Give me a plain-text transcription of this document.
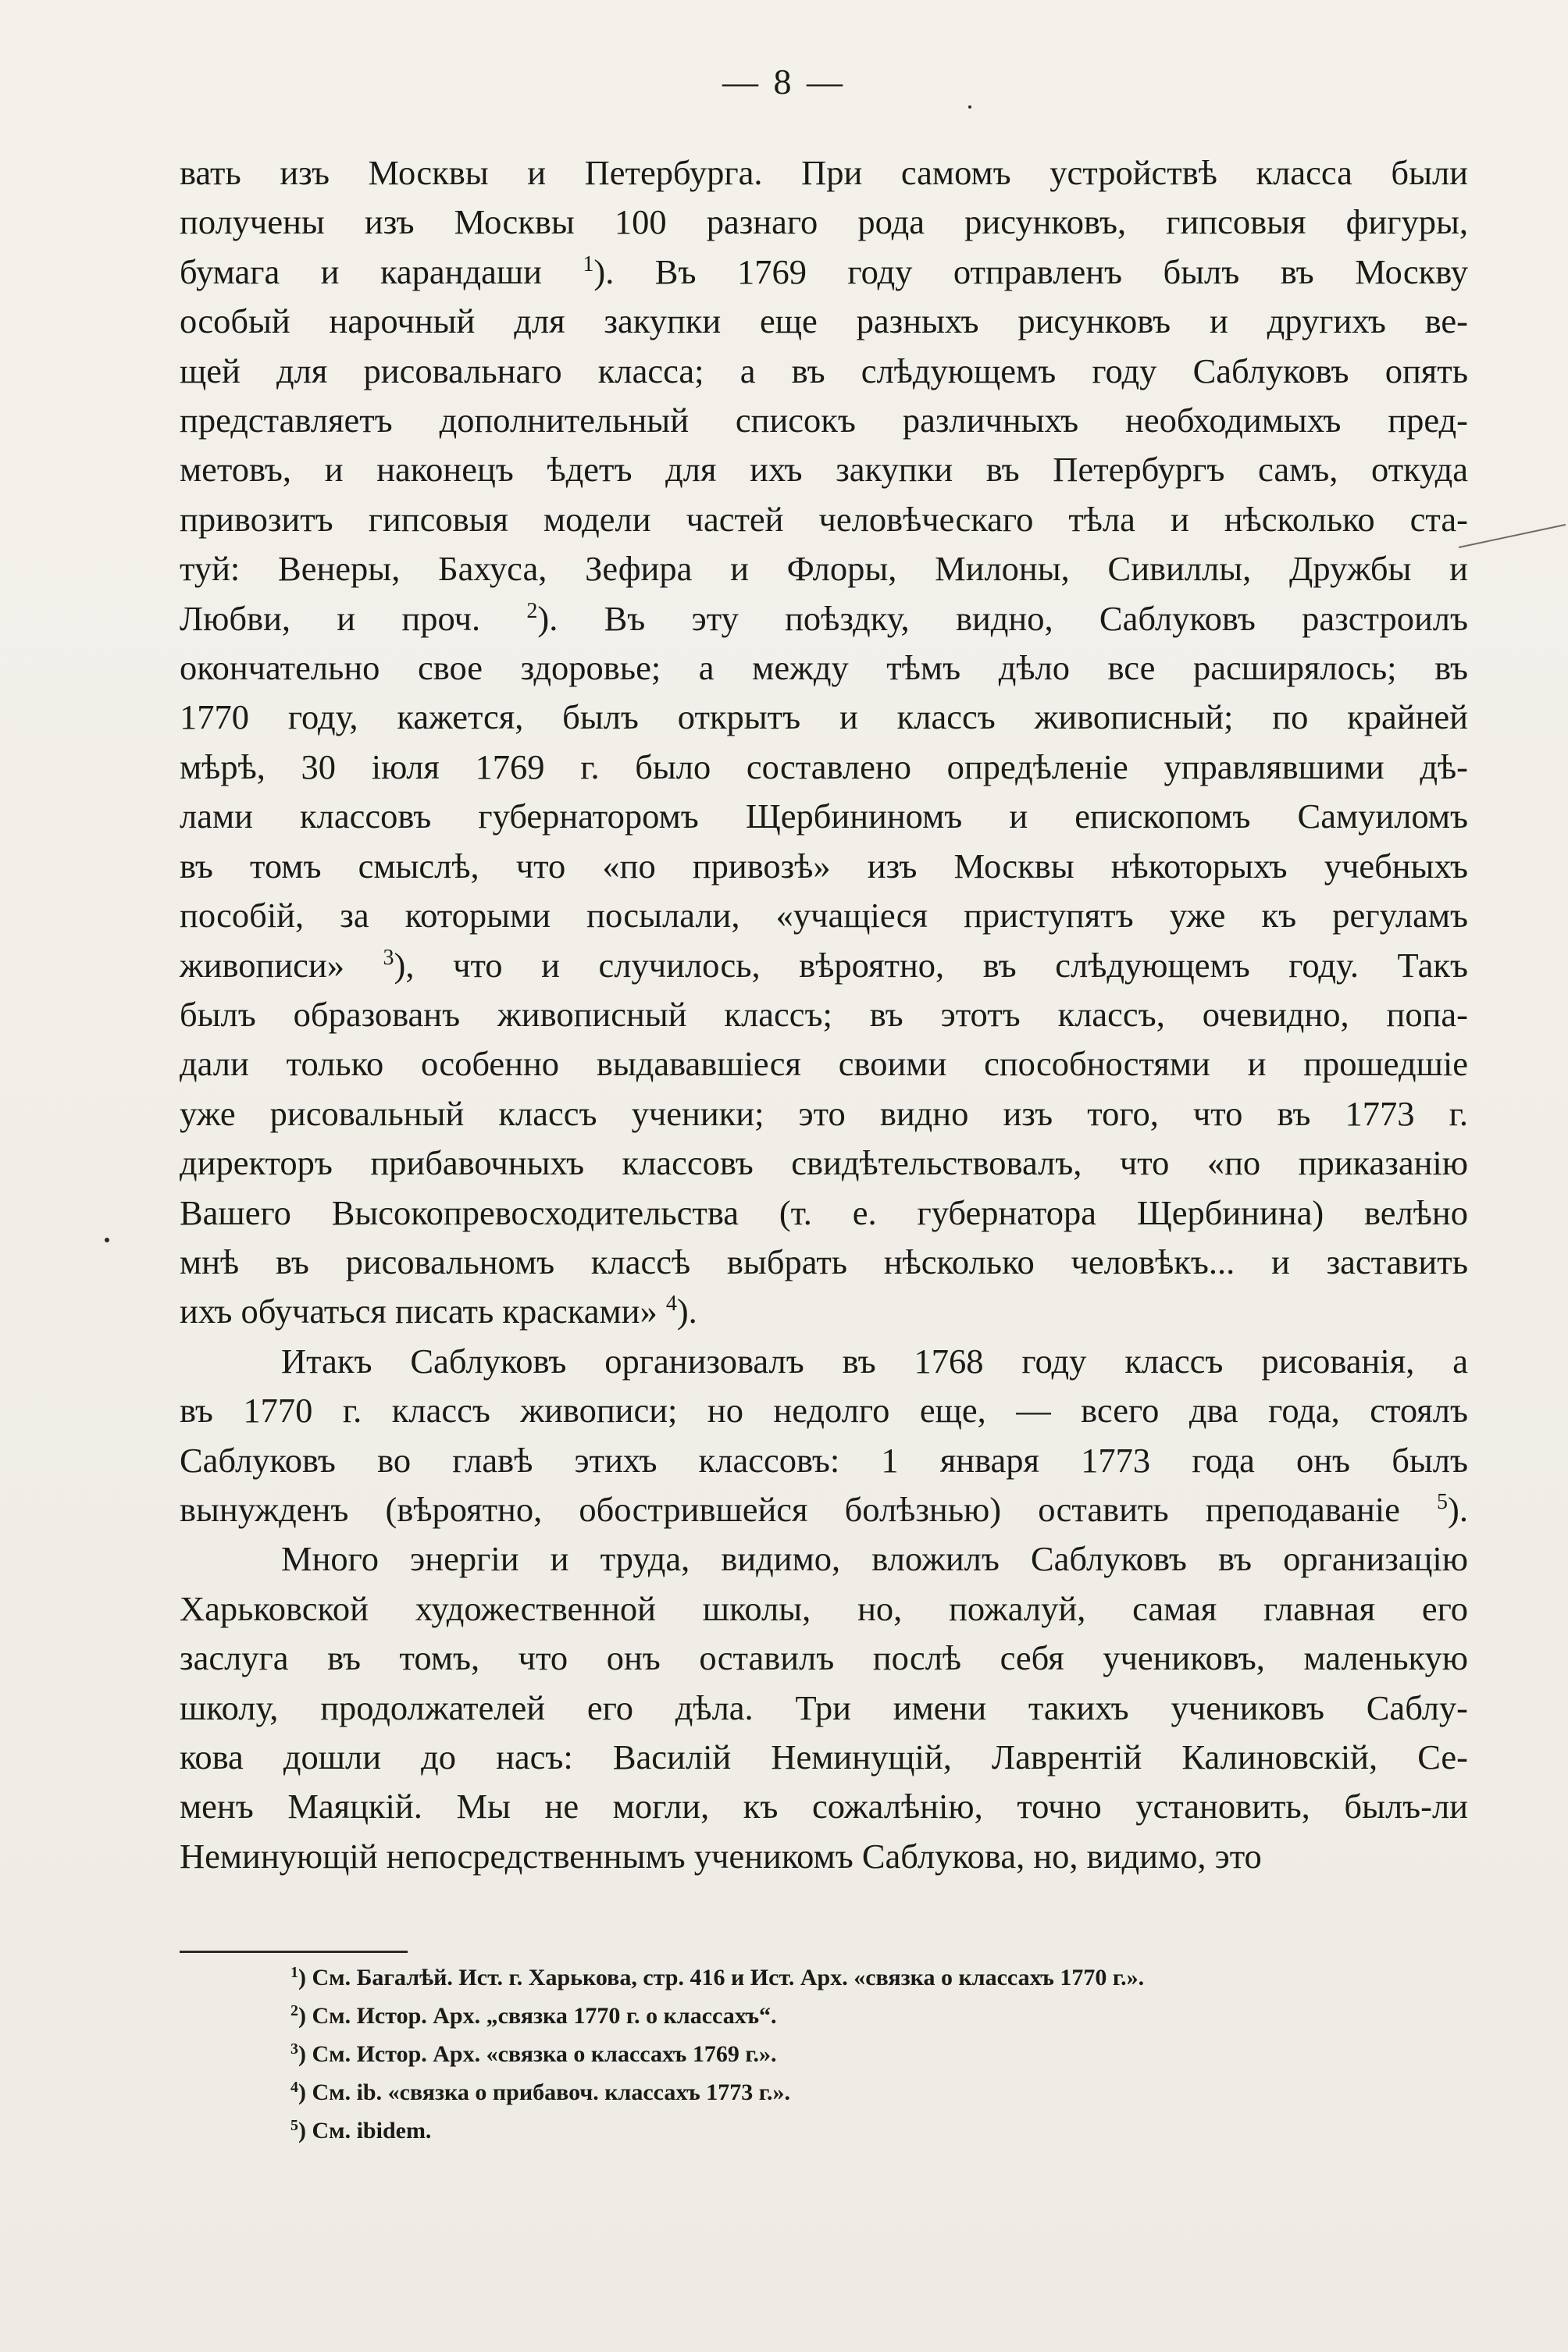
— 8 —
вать изъ Москвы и Петербурга. При самомъ устройствѣ класса были
получены изъ Москвы 100 разнаго рода рисунковъ, гипсовыя фигуры,
бумага и карандаши $^1$). Въ 1769 году отправленъ былъ въ Москву
особый нарочный для закупки еще разныхъ рисунковъ и другихъ ве-
щей для рисовальнаго класса; а въ слѣдующемъ году Саблуковъ опять
представляетъ дополнительный списокъ различныхъ необходимыхъ пред-
метовъ, и наконецъ ѣдетъ для ихъ закупки въ Петербургъ самъ, откуда
привозитъ гипсовыя модели частей человѣческаго тѣла и нѣсколько ста-
туй: Венеры, Бахуса, Зефира и Флоры, Милоны, Сивиллы, Дружбы и
Любви, и проч. $^2$). Въ эту поѣздку, видно, Саблуковъ разстроилъ
окончательно свое здоровье; а между тѣмъ дѣло все расширялось; въ
1770 году, кажется, былъ открытъ и классъ живописный; по крайней
мѣрѣ, 30 іюля 1769 г. было составлено опредѣленіе управлявшими дѣ-
лами классовъ губернаторомъ Щербининомъ и епископомъ Самуиломъ
въ томъ смыслѣ, что «по привозѣ» изъ Москвы нѣкоторыхъ учебныхъ
пособій, за которыми посылали, «учащіеся приступятъ уже къ регуламъ
живописи» $^3$), что и случилось, вѣроятно, въ слѣдующемъ году. Такъ
былъ образованъ живописный классъ; въ этотъ классъ, очевидно, попа-
дали только особенно выдававшіеся своими способностями и прошедшіе
уже рисовальный классъ ученики; это видно изъ того, что въ 1773 г.
директоръ прибавочныхъ классовъ свидѣтельствовалъ, что «по приказанію
Вашего Высокопревосходительства (т. е. губернатора Щербинина) велѣно
мнѣ въ рисовальномъ классѣ выбрать нѣсколько человѣкъ... и заставить
ихъ обучаться писать красками» $^4$).
Итакъ Саблуковъ организовалъ въ 1768 году классъ рисованія, а
въ 1770 г. классъ живописи; но недолго еще, — всего два года, стоялъ
Саблуковъ во главѣ этихъ классовъ: 1 января 1773 года онъ былъ
вынужденъ (вѣроятно, обострившейся болѣзнью) оставить преподаваніе $^5$).
Много энергіи и труда, видимо, вложилъ Саблуковъ въ организацію
Харьковской художественной школы, но, пожалуй, самая главная его
заслуга въ томъ, что онъ оставилъ послѣ себя учениковъ, маленькую
школу, продолжателей его дѣла. Три имени такихъ учениковъ Саблу-
кова дошли до насъ: Василій Неминущій, Лаврентій Калиновскій, Се-
менъ Маяцкій. Мы не могли, къ сожалѣнію, точно установить, былъ-ли
Неминующій непосредственнымъ ученикомъ Саблукова, но, видимо, это
$^1$) См. Багалѣй. Ист. г. Харькова, стр. 416 и Ист. Арх. «связка о классахъ 1770 г.».
$^2$) См. Истор. Арх. „связка 1770 г. о классахъ“.
$^3$) См. Истор. Арх. «связка о классахъ 1769 г.».
$^4$) См. ib. «связка о прибавоч. классахъ 1773 г.».
$^5$) См. ibidem.
